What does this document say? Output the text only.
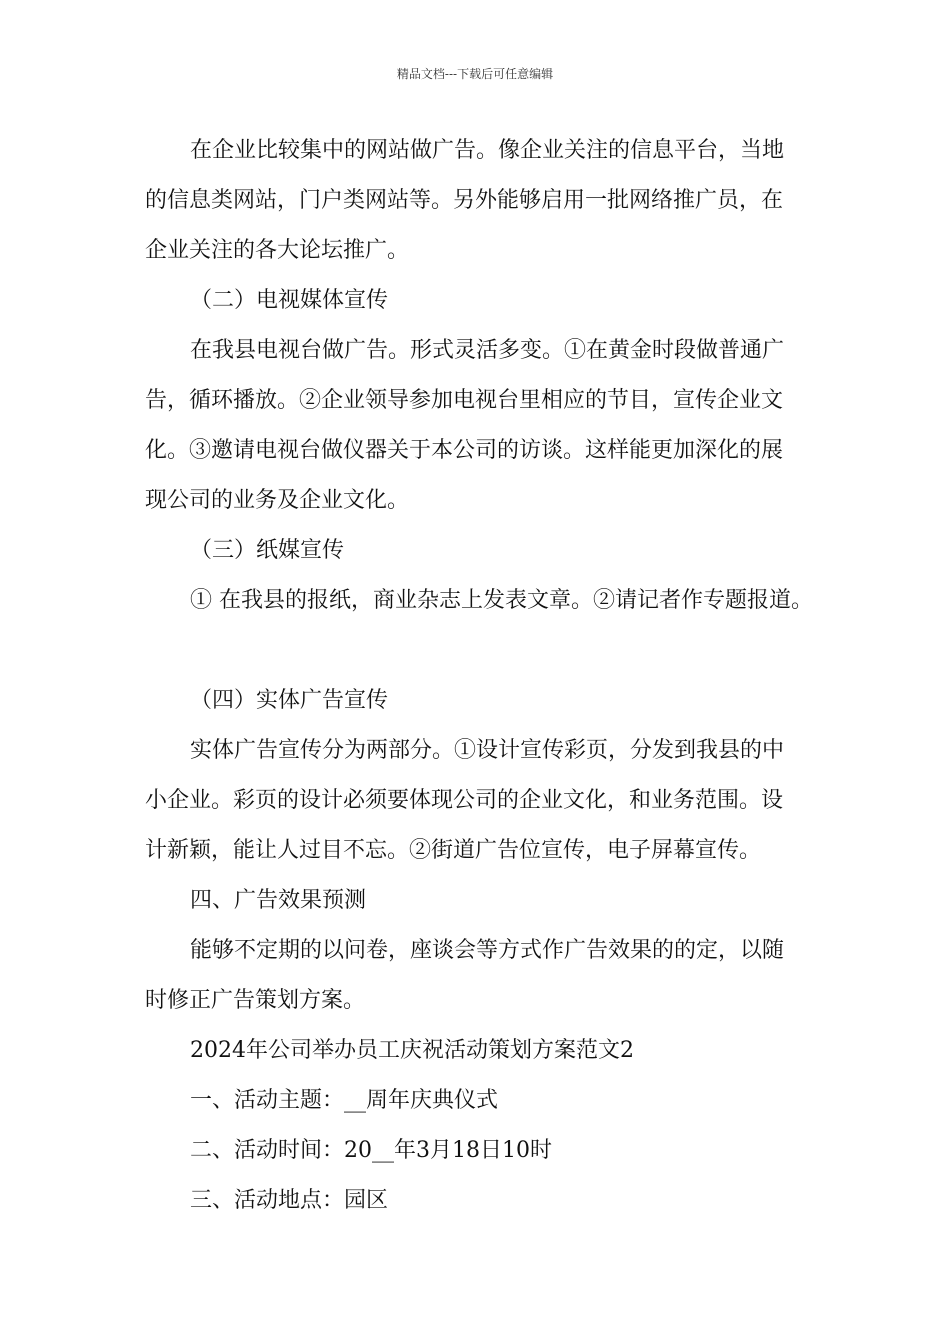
精品文档---下载后可任意编辑
在企业比较集中的网站做广告。像企业关注的信息平台，当地
的信息类网站，门户类网站等。另外能够启用一批网络推广员，在
企业关注的各大论坛推广。
（二）电视媒体宣传
在我县电视台做广告。形式灵活多变。①在黄金时段做普通广
告，循环播放。②企业领导参加电视台里相应的节目，宣传企业文
化。③邀请电视台做仪器关于本公司的访谈。这样能更加深化的展
现公司的业务及企业文化。
（三）纸媒宣传
① 在我县的报纸，商业杂志上发表文章。②请记者作专题报道。
（四）实体广告宣传
实体广告宣传分为两部分。①设计宣传彩页，分发到我县的中
小企业。彩页的设计必须要体现公司的企业文化，和业务范围。设
计新颖，能让人过目不忘。②街道广告位宣传，电子屏幕宣传。
四、广告效果预测
能够不定期的以问卷，座谈会等方式作广告效果的的定，以随
时修正广告策划方案。
2024年公司举办员工庆祝活动策划方案范文2
一、活动主题：__周年庆典仪式
二、活动时间：20__年3月18日10时
三、活动地点：园区
